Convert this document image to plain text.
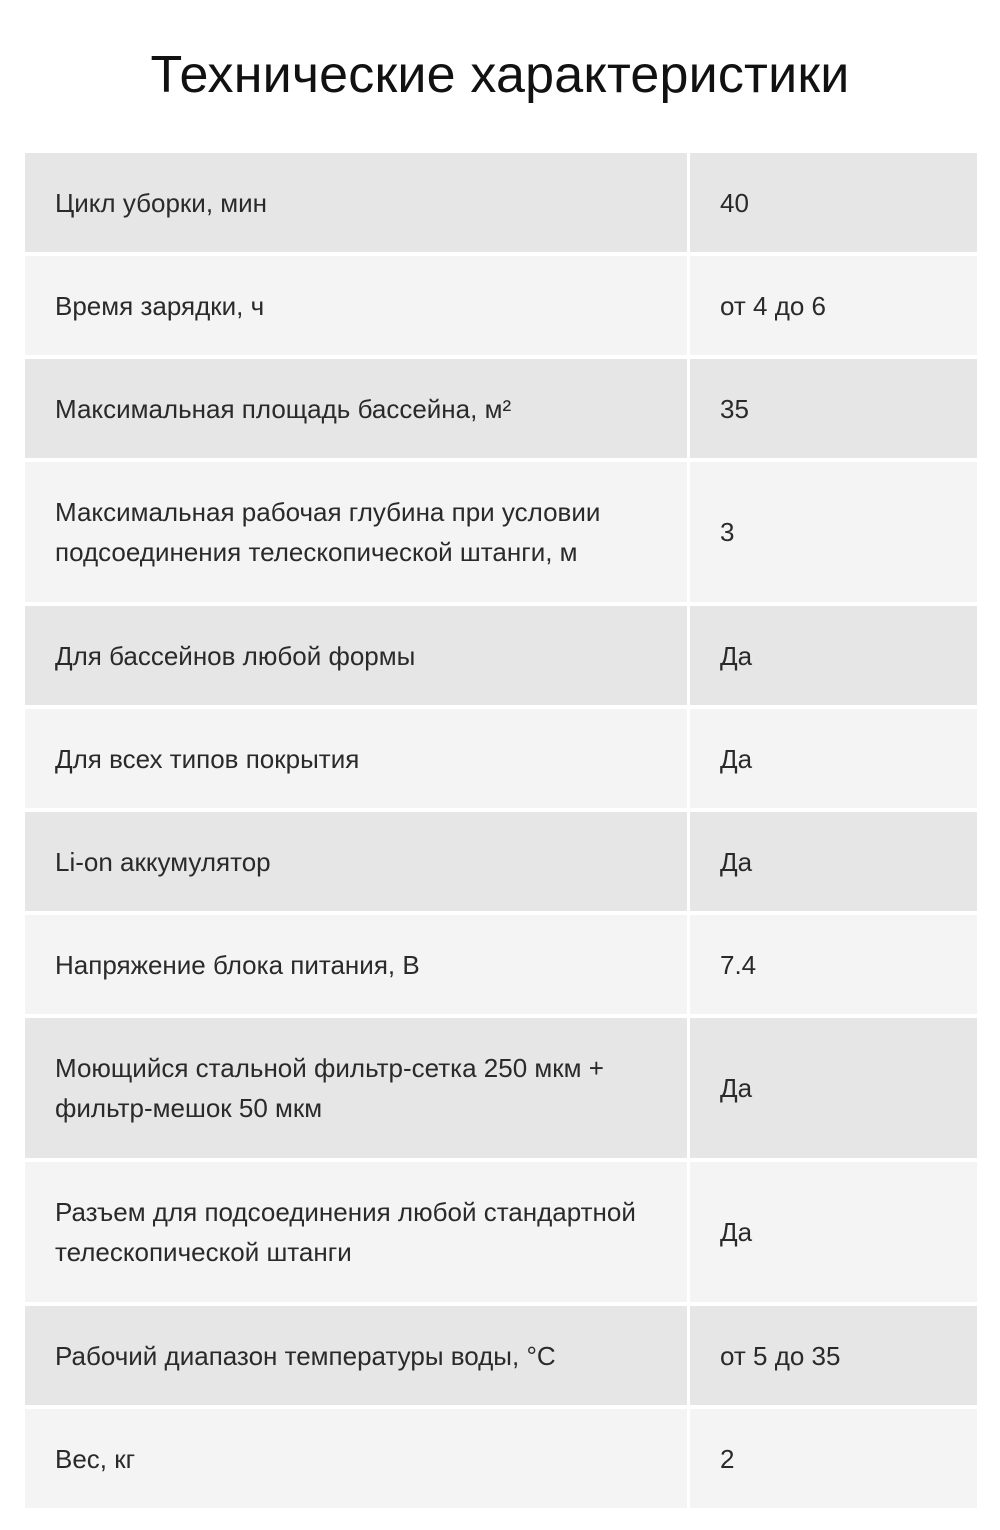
Технические характеристики
Цикл уборки, мин	40
Время зарядки, ч	от 4 до 6
Максимальная площадь бассейна, м²	35
Максимальная рабочая глубина при условии подсоединения телескопической штанги, м	3
Для бассейнов любой формы	Да
Для всех типов покрытия	Да
Li-on аккумулятор	Да
Напряжение блока питания, В	7.4
Моющийся стальной фильтр-сетка 250 мкм + фильтр-мешок 50 мкм	Да
Разъем для подсоединения любой стандартной телескопической штанги	Да
Рабочий диапазон температуры воды, °С	от 5 до 35
Вес, кг	2
